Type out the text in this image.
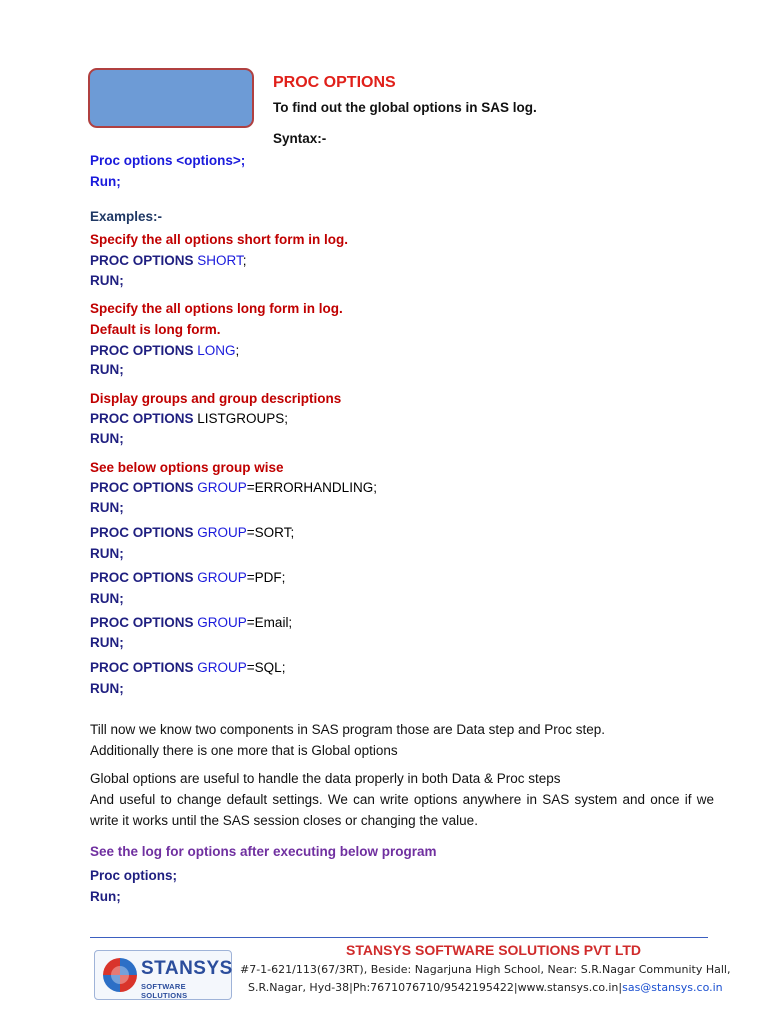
PROC OPTIONS
To find out the global options in SAS log.
Syntax:-
Proc options <options>;
Run;
Examples:-
Specify the all options short form in log.
PROC OPTIONS SHORT;
RUN;
Specify the all options long form in log.
Default is long form.
PROC OPTIONS LONG;
RUN;
Display groups and group descriptions
PROC OPTIONS LISTGROUPS;
RUN;
See below options group wise
PROC OPTIONS GROUP=ERRORHANDLING;
RUN;
PROC OPTIONS GROUP=SORT;
RUN;
PROC OPTIONS GROUP=PDF;
RUN;
PROC OPTIONS GROUP=Email;
RUN;
PROC OPTIONS GROUP=SQL;
RUN;
Till now we know two components in SAS program those are Data step and Proc step.
Additionally there is one more that is Global options
Global options are useful to handle the data properly in both Data & Proc steps
And useful to change default settings. We can write options anywhere in SAS system and once if we write it works until the SAS session closes or changing the value.
See the log for options after executing below program
Proc options;
Run;
STANSYS SOFTWARE SOLUTIONS PVT LTD
STANSYS
SOFTWARE SOLUTIONS
#7-1-621/113(67/3RT), Beside: Nagarjuna High School, Near: S.R.Nagar Community Hall,
S.R.Nagar, Hyd-38|Ph:7671076710/9542195422|www.stansys.co.in|sas@stansys.co.in
